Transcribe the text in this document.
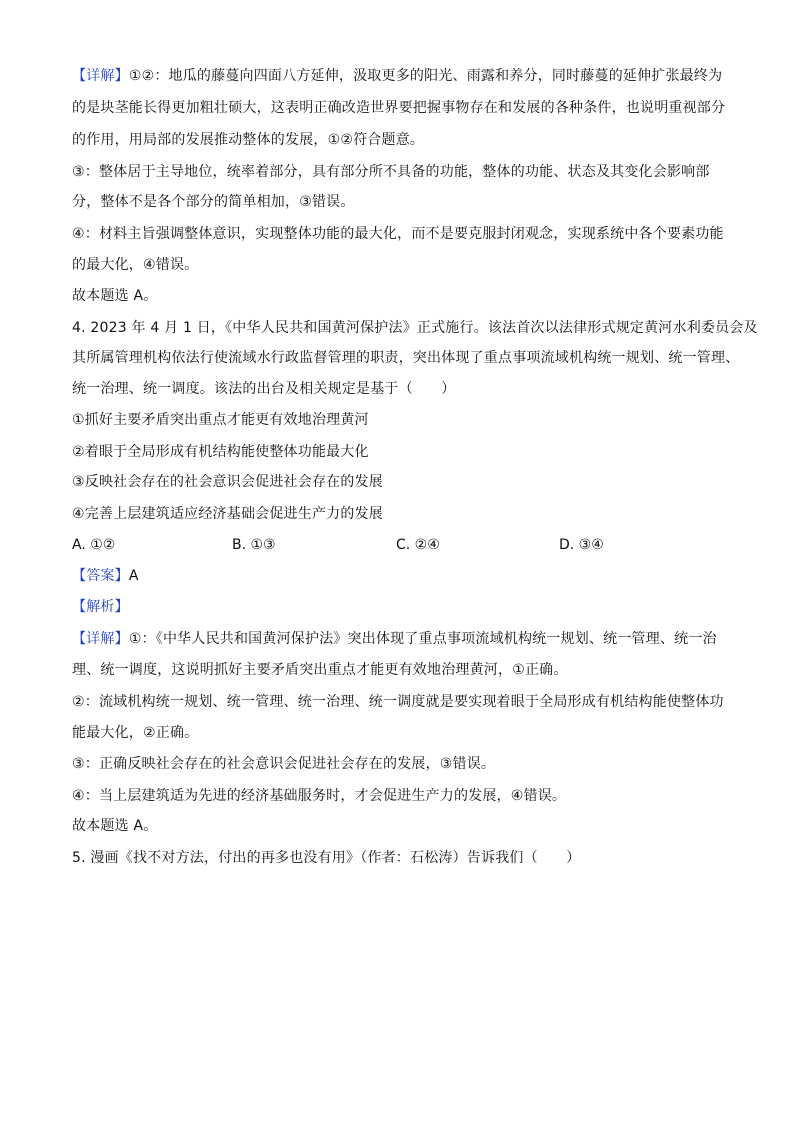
【详解】①②：地瓜的藤蔓向四面八方延伸，汲取更多的阳光、雨露和养分，同时藤蔓的延伸扩张最终为
的是块茎能长得更加粗壮硕大，这表明正确改造世界要把握事物存在和发展的各种条件，也说明重视部分
的作用，用局部的发展推动整体的发展，①②符合题意。
③：整体居于主导地位，统率着部分，具有部分所不具备的功能，整体的功能、状态及其变化会影响部
分，整体不是各个部分的简单相加，③错误。
④：材料主旨强调整体意识，实现整体功能的最大化，而不是要克服封闭观念，实现系统中各个要素功能
的最大化，④错误。
故本题选 A。
4. 2023 年 4 月 1 日，《中华人民共和国黄河保护法》正式施行。该法首次以法律形式规定黄河水利委员会及
其所属管理机构依法行使流域水行政监督管理的职责，突出体现了重点事项流域机构统一规划、统一管理、
统一治理、统一调度。该法的出台及相关规定是基于（　　）
①抓好主要矛盾突出重点才能更有效地治理黄河
②着眼于全局形成有机结构能使整体功能最大化
③反映社会存在的社会意识会促进社会存在的发展
④完善上层建筑适应经济基础会促进生产力的发展
A. ①②	B. ①③	C. ②④	D. ③④
【答案】A
【解析】
【详解】①：《中华人民共和国黄河保护法》突出体现了重点事项流域机构统一规划、统一管理、统一治
理、统一调度，这说明抓好主要矛盾突出重点才能更有效地治理黄河，①正确。
②：流域机构统一规划、统一管理、统一治理、统一调度就是要实现着眼于全局形成有机结构能使整体功
能最大化，②正确。
③：正确反映社会存在的社会意识会促进社会存在的发展，③错误。
④：当上层建筑适为先进的经济基础服务时，才会促进生产力的发展，④错误。
故本题选 A。
5. 漫画《找不对方法，付出的再多也没有用》（作者：石松涛）告诉我们（　　）
